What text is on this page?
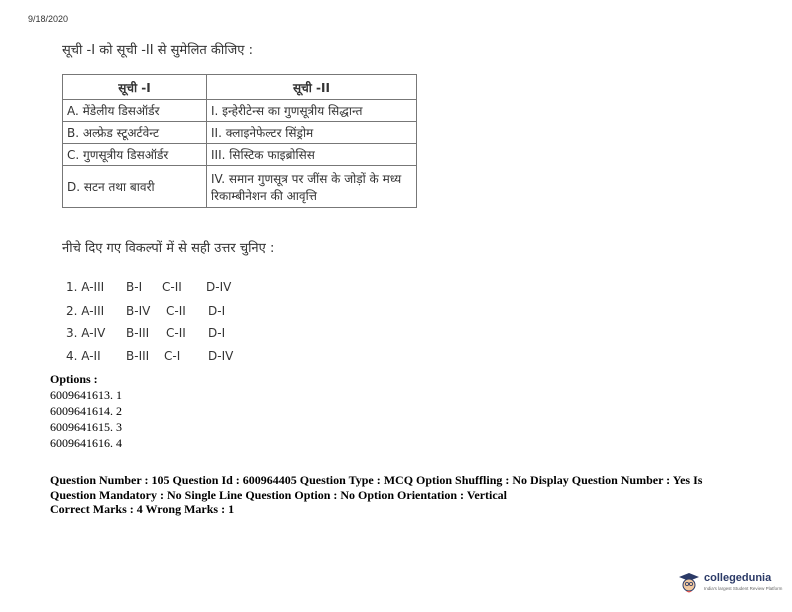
9/18/2020
सूची -I को सूची -II से सुमेलित कीजिए :
सूची -I	सूची -II
A. मेंडेलीय डिसऑर्डर	I. इन्हेरीटेन्स का गुणसूत्रीय सिद्धान्त
B. अल्फ्रेड स्टूअर्टवेन्ट	II. क्लाइनेफेल्टर सिंड्रोम
C. गुणसूत्रीय डिसऑर्डर	III. सिस्टिक फाइब्रोसिस
D. सटन तथा बावरी	IV. समान गुणसूत्र पर जींस के जोड़ों के मध्य रिकाम्बीनेशन की आवृत्ति
नीचे दिए गए विकल्पों में से सही उत्तर चुनिए :
1. A-III B-I C-II D-IV
2. A-III B-IV C-II D-I
3. A-IV B-III C-II D-I
4. A-II B-III C-I D-IV
Options :
6009641613. 1
6009641614. 2
6009641615. 3
6009641616. 4
Question Number : 105 Question Id : 600964405 Question Type : MCQ Option Shuffling : No Display Question Number : Yes Is
Question Mandatory : No Single Line Question Option : No Option Orientation : Vertical
Correct Marks : 4 Wrong Marks : 1
collegedunia
India's largest Student Review Platform
